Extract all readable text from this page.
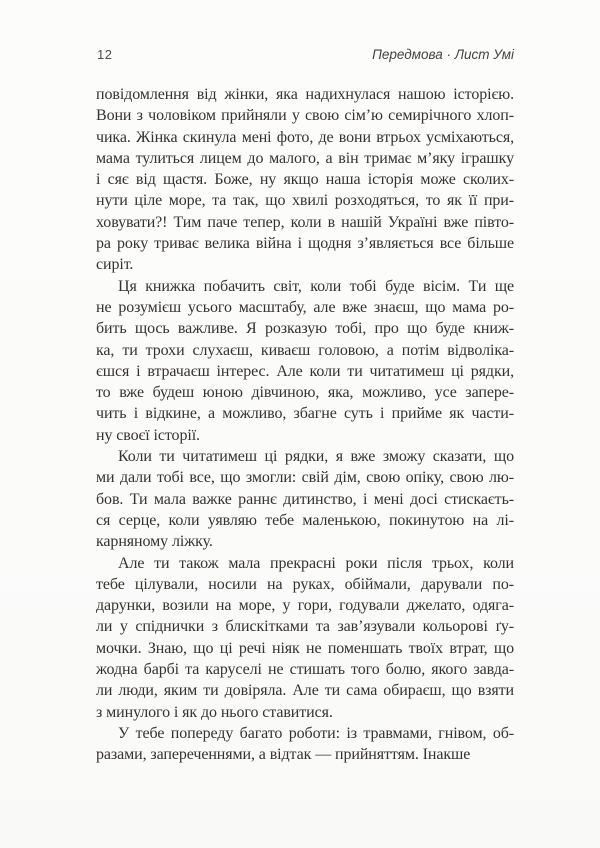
12	Передмова · Лист Умі
повідомлення від жінки, яка надихнулася нашою історією.
Вони з чоловіком прийняли у свою сім’ю семирічного хлоп-
чика. Жінка скинула мені фото, де вони втрьох усміхаються,
мама тулиться лицем до малого, а він тримає м’яку іграшку
і сяє від щастя. Боже, ну якщо наша історія може сколих-
нути ціле море, та так, що хвилі розходяться, то як її при-
ховувати?! Тим паче тепер, коли в нашій Україні вже півто-
ра року триває велика війна і щодня з’являється все більше
сиріт.
Ця книжка побачить світ, коли тобі буде вісім. Ти ще
не розумієш усього масштабу, але вже знаєш, що мама ро-
бить щось важливе. Я розказую тобі, про що буде книж-
ка, ти трохи слухаєш, киваєш головою, а потім відволіка-
єшся і втрачаєш інтерес. Але коли ти читатимеш ці рядки,
то вже будеш юною дівчиною, яка, можливо, усе запере-
чить і відкине, а можливо, збагне суть і прийме як части-
ну своєї історії.
Коли ти читатимеш ці рядки, я вже зможу сказати, що
ми дали тобі все, що змогли: свій дім, свою опіку, свою лю-
бов. Ти мала важке раннє дитинство, і мені досі стискаєть-
ся серце, коли уявляю тебе маленькою, покинутою на лі-
карняному ліжку.
Але ти також мала прекрасні роки після трьох, коли
тебе цілували, носили на руках, обіймали, дарували по-
дарунки, возили на море, у гори, годували джелато, одяга-
ли у спіднички з блискітками та зав’язували кольорові ґу-
мочки. Знаю, що ці речі ніяк не поменшать твоїх втрат, що
жодна барбі та каруселі не стишать того болю, якого завда-
ли люди, яким ти довіряла. Але ти сама обираєш, що взяти
з минулого і як до нього ставитися.
У тебе попереду багато роботи: із травмами, гнівом, об-
разами, запереченнями, а відтак — прийняттям. Інакше
